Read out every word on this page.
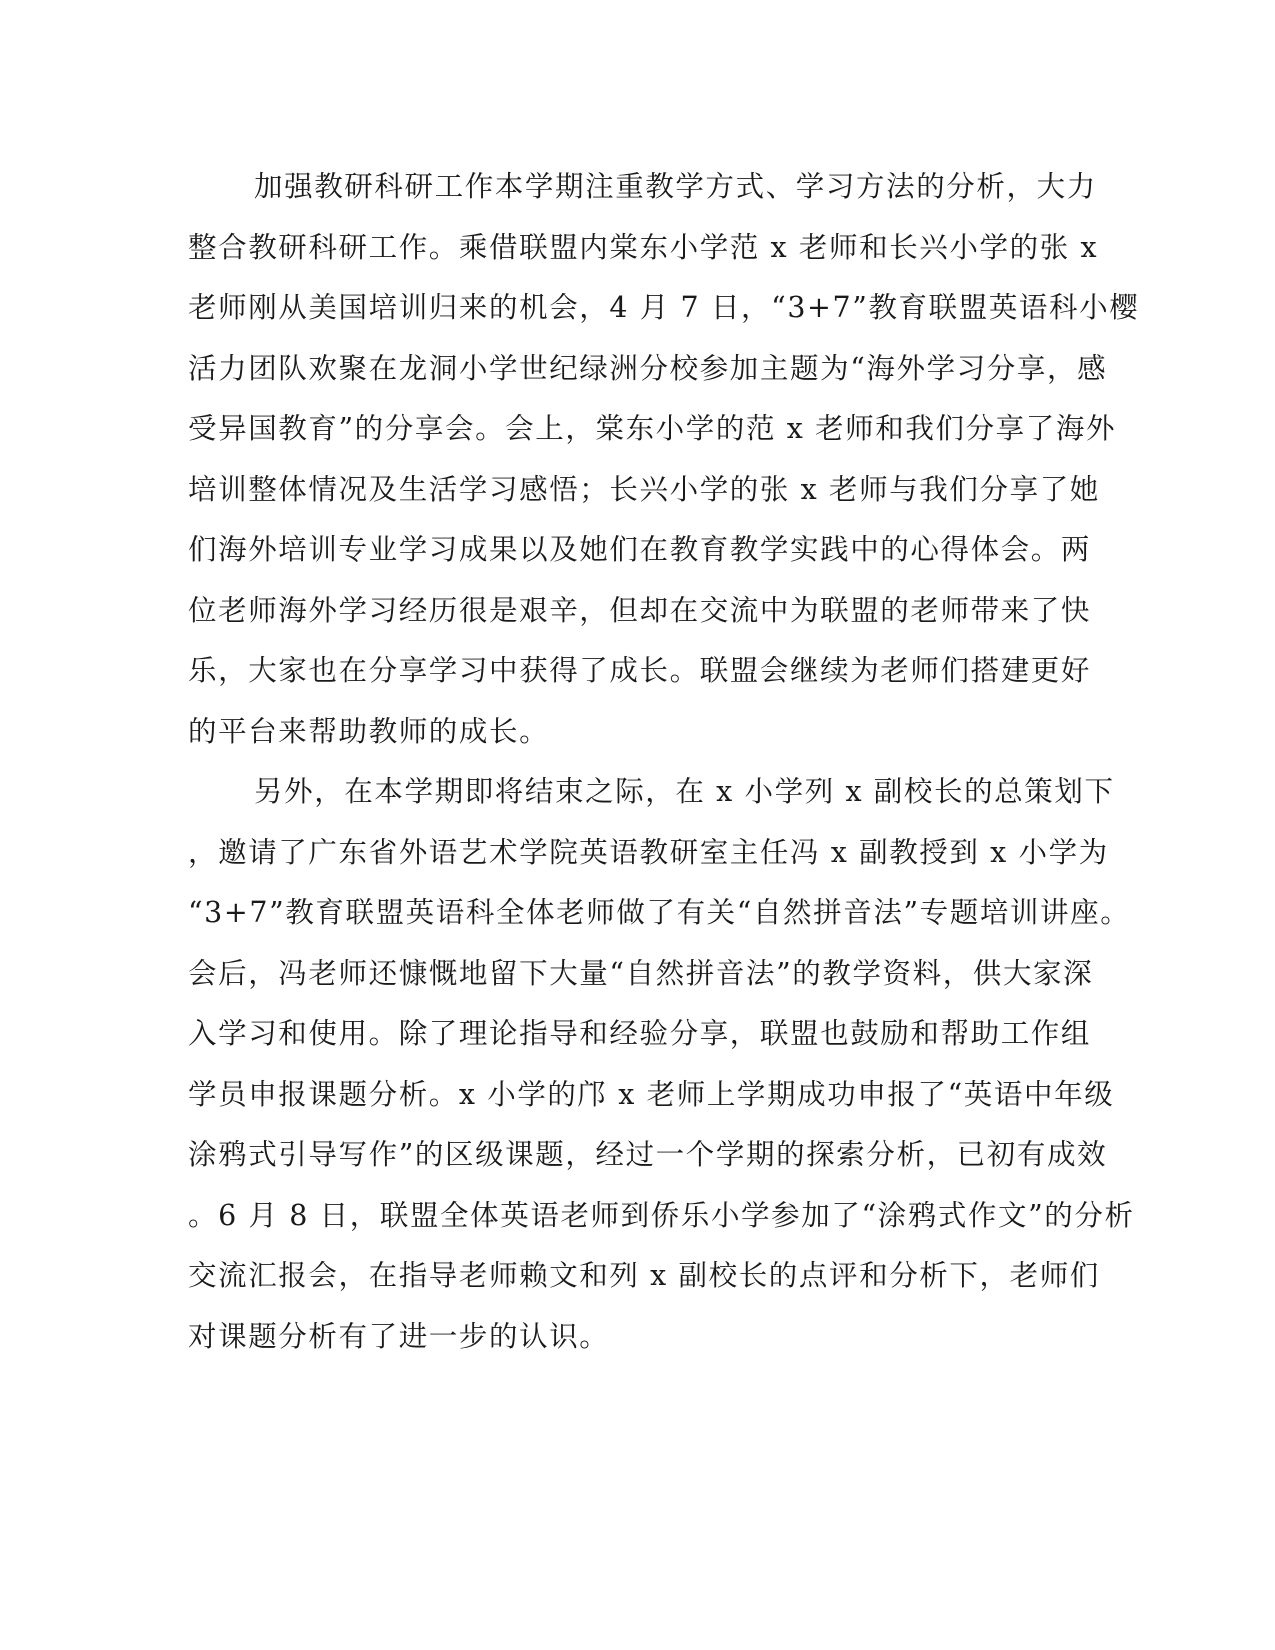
加强教研科研工作本学期注重教学方式、学习方法的分析，大力
整合教研科研工作。乘借联盟内棠东小学范 x 老师和长兴小学的张 x
老师刚从美国培训归来的机会，4 月 7 日，“3+7”教育联盟英语科小樱
活力团队欢聚在龙洞小学世纪绿洲分校参加主题为“海外学习分享，感
受异国教育”的分享会。会上，棠东小学的范 x 老师和我们分享了海外
培训整体情况及生活学习感悟；长兴小学的张 x 老师与我们分享了她
们海外培训专业学习成果以及她们在教育教学实践中的心得体会。两
位老师海外学习经历很是艰辛，但却在交流中为联盟的老师带来了快
乐，大家也在分享学习中获得了成长。联盟会继续为老师们搭建更好
的平台来帮助教师的成长。
另外，在本学期即将结束之际，在 x 小学列 x 副校长的总策划下
，邀请了广东省外语艺术学院英语教研室主任冯 x 副教授到 x 小学为
“3+7”教育联盟英语科全体老师做了有关“自然拼音法”专题培训讲座。
会后，冯老师还慷慨地留下大量“自然拼音法”的教学资料，供大家深
入学习和使用。除了理论指导和经验分享，联盟也鼓励和帮助工作组
学员申报课题分析。x 小学的邝 x 老师上学期成功申报了“英语中年级
涂鸦式引导写作”的区级课题，经过一个学期的探索分析，已初有成效
。6 月 8 日，联盟全体英语老师到侨乐小学参加了“涂鸦式作文”的分析
交流汇报会，在指导老师赖文和列 x 副校长的点评和分析下，老师们
对课题分析有了进一步的认识。
